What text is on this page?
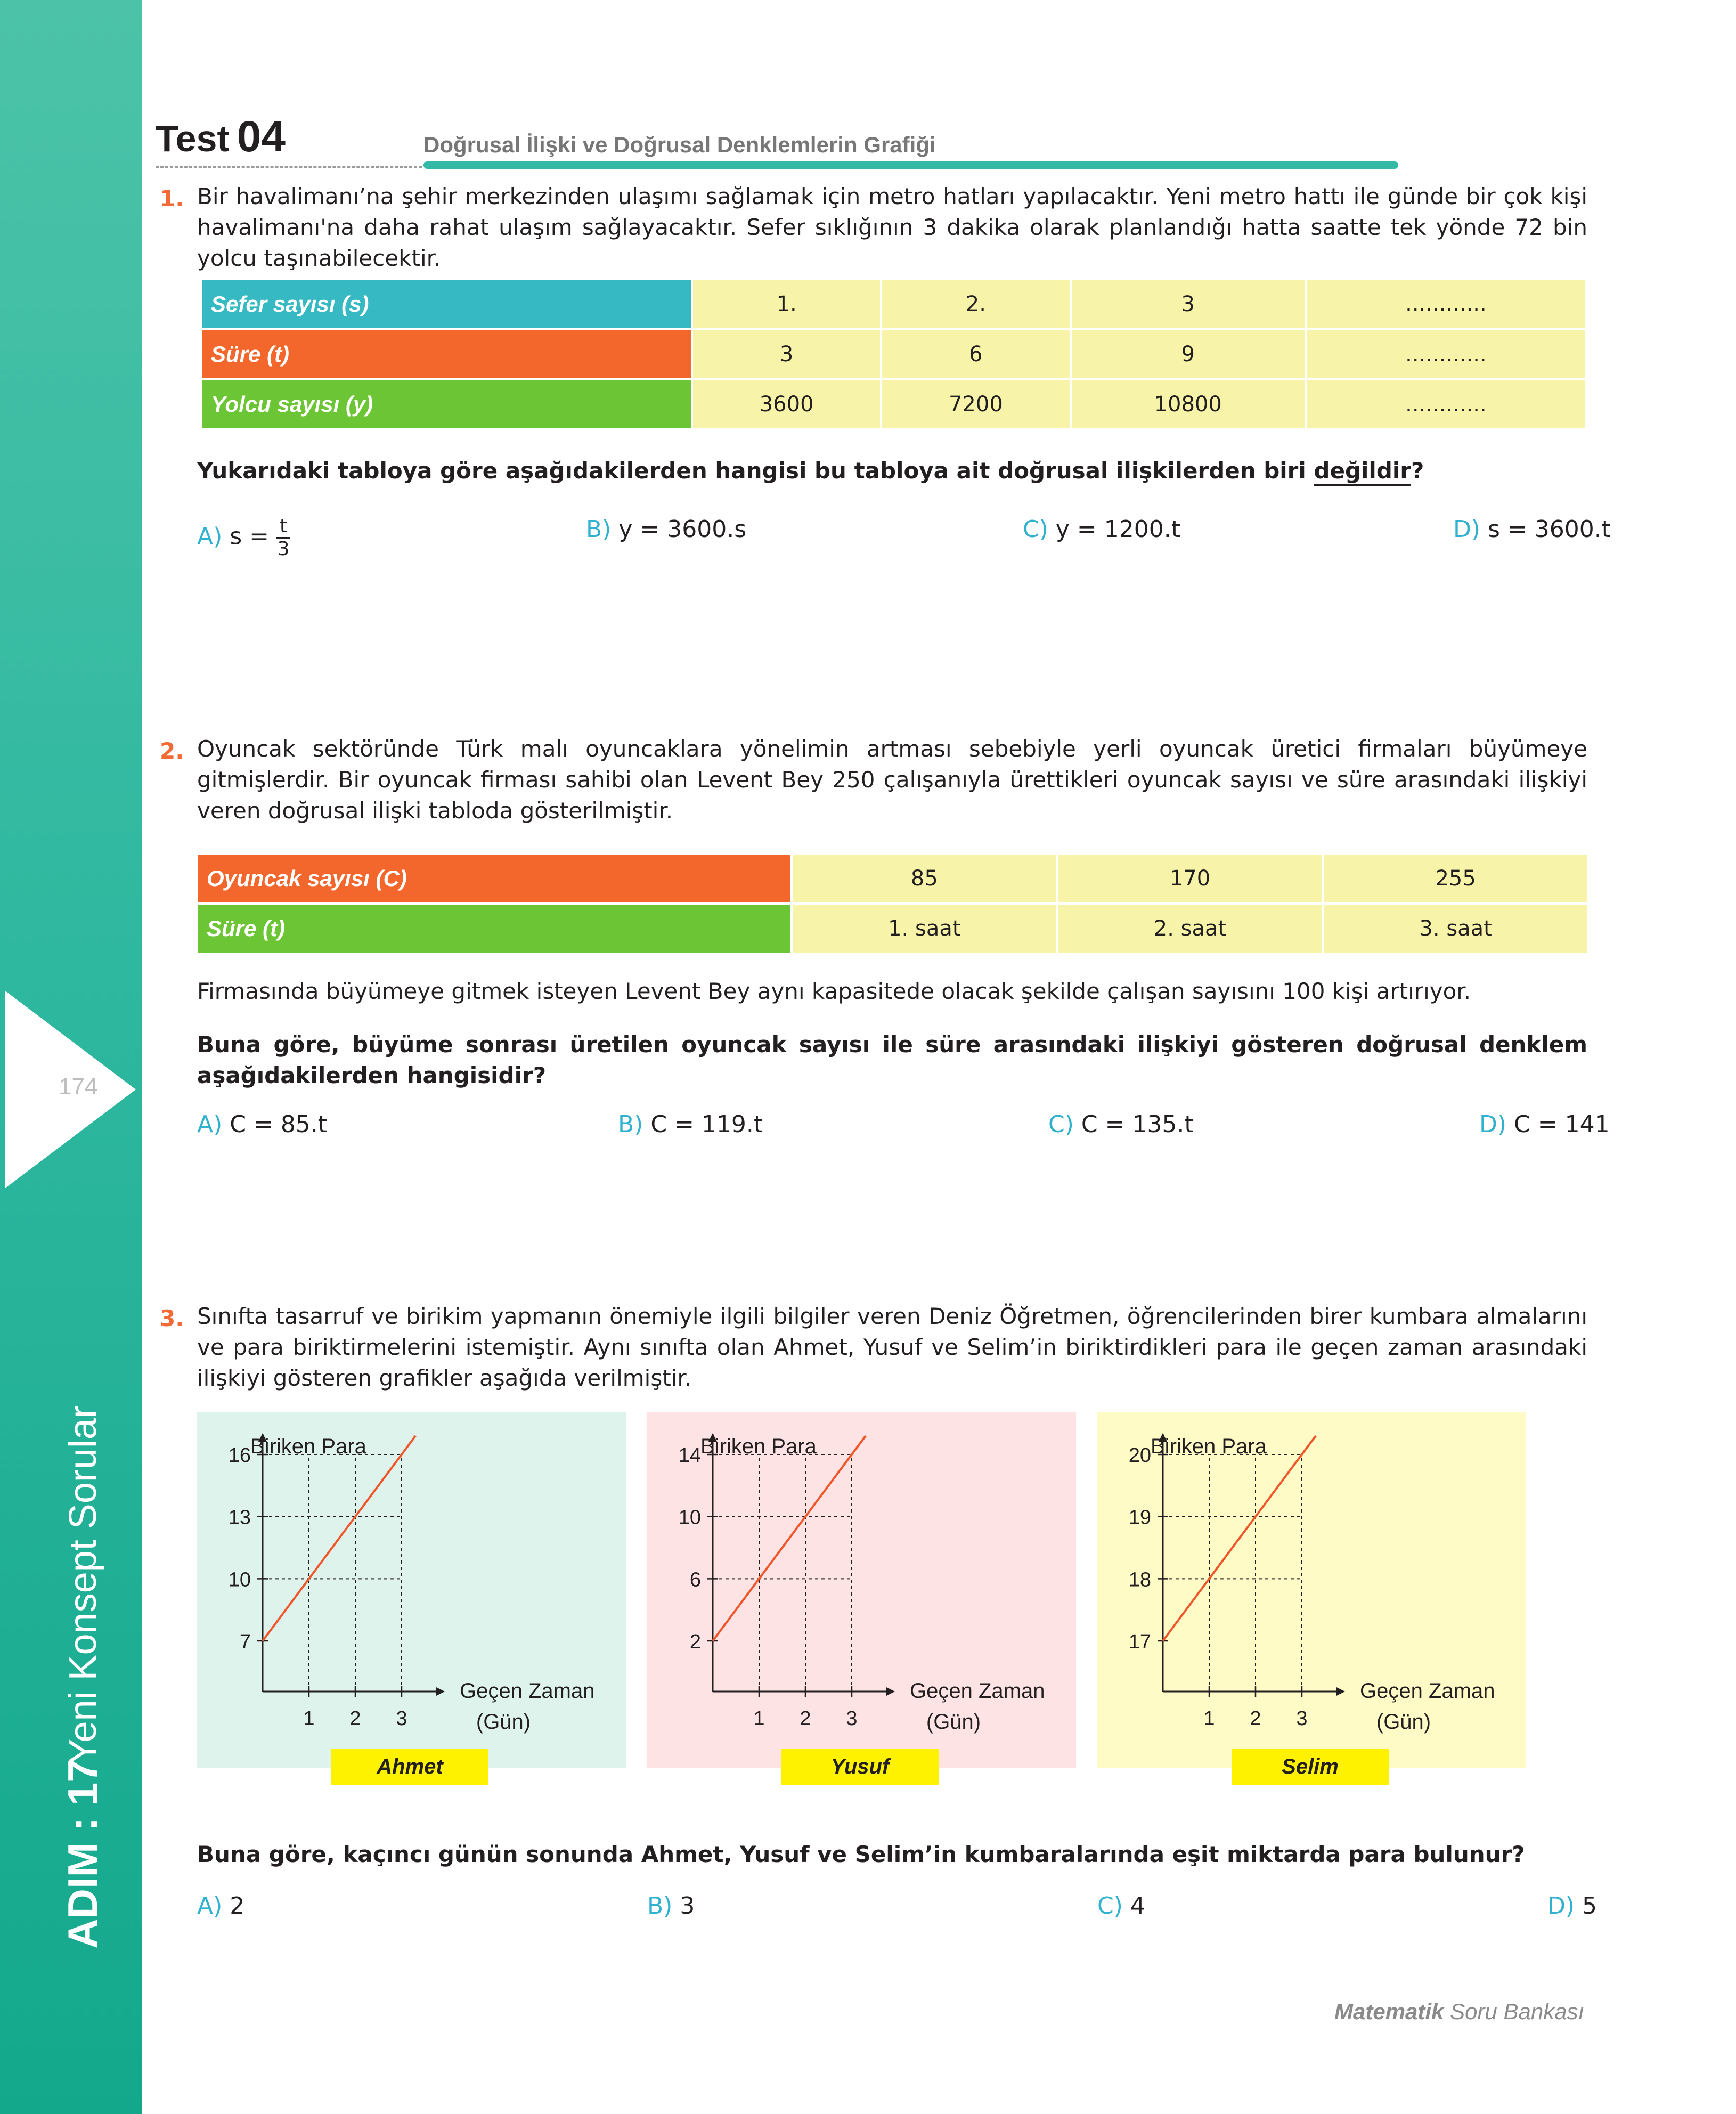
174
Yeni Konsept Sorular
ADIM : 17
Test 04	Doğrusal İlişki ve Doğrusal Denklemlerin Grafiği
1. Bir havalimanı’na şehir merkezinden ulaşımı sağlamak için metro hatları yapılacaktır. Yeni metro hattı ile günde bir çok kişi havalimanı'na daha rahat ulaşım sağlayacaktır. Sefer sıklığının 3 dakika olarak planlandığı hatta saatte tek yönde 72 bin yolcu taşınabilecektir.
Sefer sayısı (s)	1.	2.	3	............
Süre (t)	3	6	9	............
Yolcu sayısı (y)	3600	7200	10800	............
Yukarıdaki tabloya göre aşağıdakilerden hangisi bu tabloya ait doğrusal ilişkilerden biri değildir?
A) $s = \frac{t}{3}$	B) y = 3600.s	C) y = 1200.t	D) s = 3600.t
2. Oyuncak sektöründe Türk malı oyuncaklara yönelimin artması sebebiyle yerli oyuncak üretici firmaları büyümeye gitmişlerdir. Bir oyuncak firması sahibi olan Levent Bey 250 çalışanıyla ürettikleri oyuncak sayısı ve süre arasındaki ilişkiyi veren doğrusal ilişki tabloda gösterilmiştir.
Oyuncak sayısı (C)	85	170	255
Süre (t)	1. saat	2. saat	3. saat
Firmasında büyümeye gitmek isteyen Levent Bey aynı kapasitede olacak şekilde çalışan sayısını 100 kişi artırıyor.
Buna göre, büyüme sonrası üretilen oyuncak sayısı ile süre arasındaki ilişkiyi gösteren doğrusal denklem aşağıdakilerden hangisidir?
A) C = 85.t	B) C = 119.t	C) C = 135.t	D) C = 141
3. Sınıfta tasarruf ve birikim yapmanın önemiyle ilgili bilgiler veren Deniz Öğretmen, öğrencilerinden birer kumbara almalarını ve para biriktirmelerini istemiştir. Aynı sınıfta olan Ahmet, Yusuf ve Selim’in biriktirdikleri para ile geçen zaman arasındaki ilişkiyi gösteren grafikler aşağıda verilmiştir.
Biriken Para
Geçen Zaman
(Gün)
7
10
13
16
1 2 3
Ahmet
Biriken Para
Geçen Zaman
(Gün)
2
6
10
14
1 2 3
Yusuf
Biriken Para
Geçen Zaman
(Gün)
17
18
19
20
1 2 3
Selim
Buna göre, kaçıncı günün sonunda Ahmet, Yusuf ve Selim’in kumbaralarında eşit miktarda para bulunur?
A) 2	B) 3	C) 4	D) 5
Matematik Soru Bankası
